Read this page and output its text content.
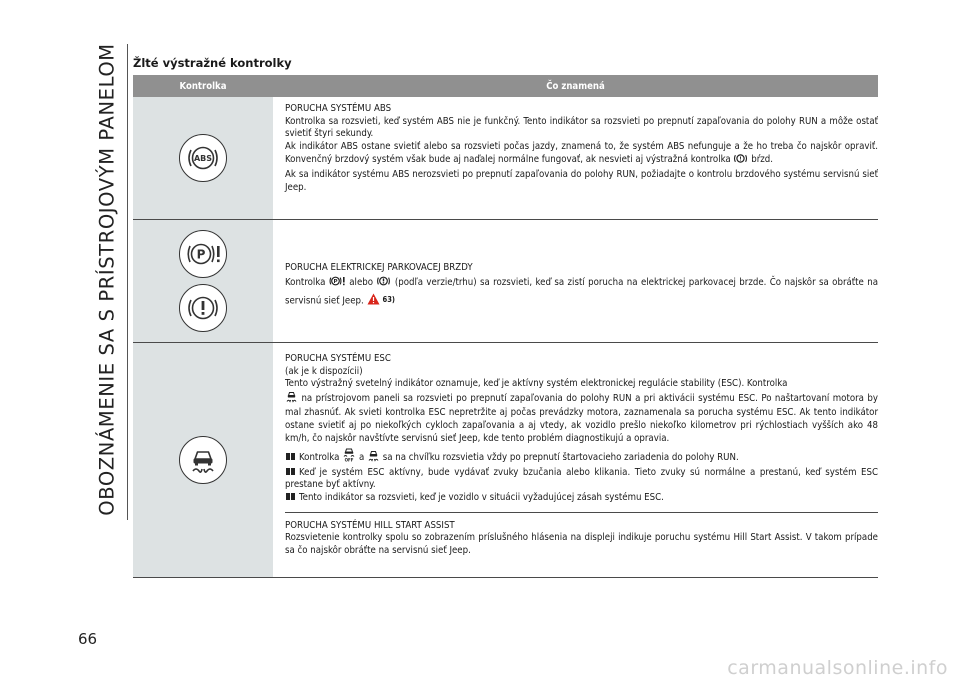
OBOZNÁMENIE SA S PRÍSTROJOVÝM PANELOM
66
carmanualsonline.info
Žlté výstražné kontrolky
Kontrolka	Čo znamená
ABS

PORUCHA SYSTÉMU ABS

Kontrolka sa rozsvieti, keď systém ABS nie je funkčný. Tento indikátor sa rozsvieti po prepnutí zapaľovania do polohy RUN a môže ostať svietiť štyri sekundy.

Ak indikátor ABS ostane svietiť alebo sa rozsvieti počas jazdy, znamená to, že systém ABS nefunguje a že ho treba čo najskôr opraviť. Konvenčný brzdový systém však bude aj naďalej normálne fungovať, ak nesvieti aj výstražná kontrolka ! bŕzd.

Ak sa indikátor systému ABS nerozsvieti po prepnutí zapaľovania do polohy RUN, požiadajte o kontrolu brzdového systému servisnú sieť Jeep.

P

PORUCHA ELEKTRICKEJ PARKOVACEJ BRZDY

Kontrolka P alebo (podľa verzie/trhu) sa rozsvieti, keď sa zistí porucha na elektrickej parkovacej brzde. Čo najskôr sa obráťte na servisnú sieť Jeep.	63)

PORUCHA SYSTÉMU ESC

(ak je k dispozícii)

Tento výstražný svetelný indikátor oznamuje, keď je aktívny systém elektronickej regulácie stability (ESC). Kontrolka
na prístrojovom paneli sa rozsvieti po prepnutí zapaľovania do polohy RUN a pri aktivácii systému ESC. Po naštartovaní motora by mal zhasnúť. Ak svieti kontrolka ESC nepretržite aj počas prevádzky motora, zaznamenala sa porucha systému ESC. Ak tento indikátor ostane svietiť aj po niekoľkých cykloch zapaľovania a aj vtedy, ak vozidlo prešlo niekoľko kilometrov pri rýchlostiach vyšších ako 48 km/h, čo najskôr navštívte servisnú sieť Jeep, kde tento problém diagnostikujú a opravia.

Kontrolka OFF a sa na chvíľku rozsvietia vždy po prepnutí štartovacieho zariadenia do polohy RUN.

Keď je systém ESC aktívny, bude vydávať zvuky bzučania alebo klikania. Tieto zvuky sú normálne a prestanú, keď systém ESC prestane byť aktívny.

Tento indikátor sa rozsvieti, keď je vozidlo v situácii vyžadujúcej zásah systému ESC.

PORUCHA SYSTÉMU HILL START ASSIST

Rozsvietenie kontrolky spolu so zobrazením príslušného hlásenia na displeji indikuje poruchu systému Hill Start Assist. V takom prípade sa čo najskôr obráťte na servisnú sieť Jeep.
